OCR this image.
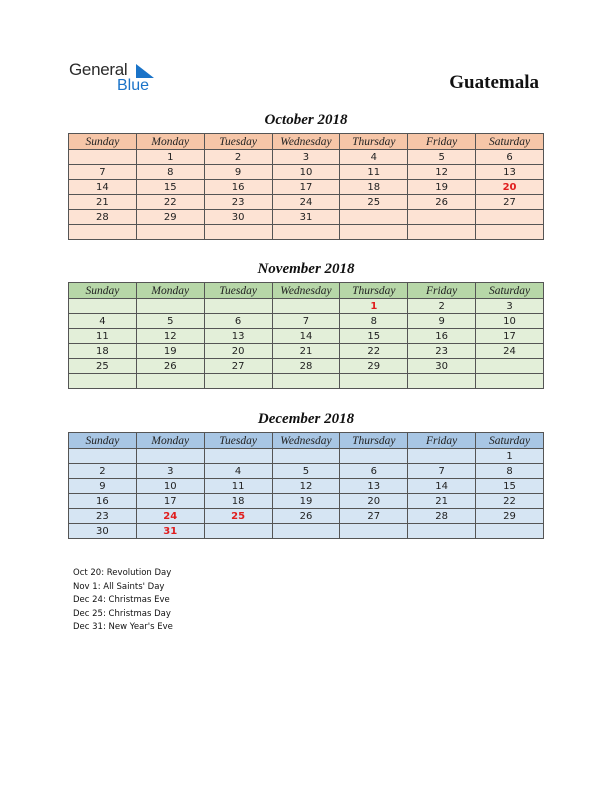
General
Blue	Guatemala
October 2018
Sunday	Monday	Tuesday	Wednesday	Thursday	Friday	Saturday
	1	2	3	4	5	6
7	8	9	10	11	12	13
14	15	16	17	18	19	20
21	22	23	24	25	26	27
28	29	30	31			

November 2018
Sunday	Monday	Tuesday	Wednesday	Thursday	Friday	Saturday
				1	2	3
4	5	6	7	8	9	10
11	12	13	14	15	16	17
18	19	20	21	22	23	24
25	26	27	28	29	30	

December 2018
Sunday	Monday	Tuesday	Wednesday	Thursday	Friday	Saturday
						1
2	3	4	5	6	7	8
9	10	11	12	13	14	15
16	17	18	19	20	21	22
23	24	25	26	27	28	29
30	31					
Oct 20: Revolution Day
Nov 1: All Saints' Day
Dec 24: Christmas Eve
Dec 25: Christmas Day
Dec 31: New Year's Eve
